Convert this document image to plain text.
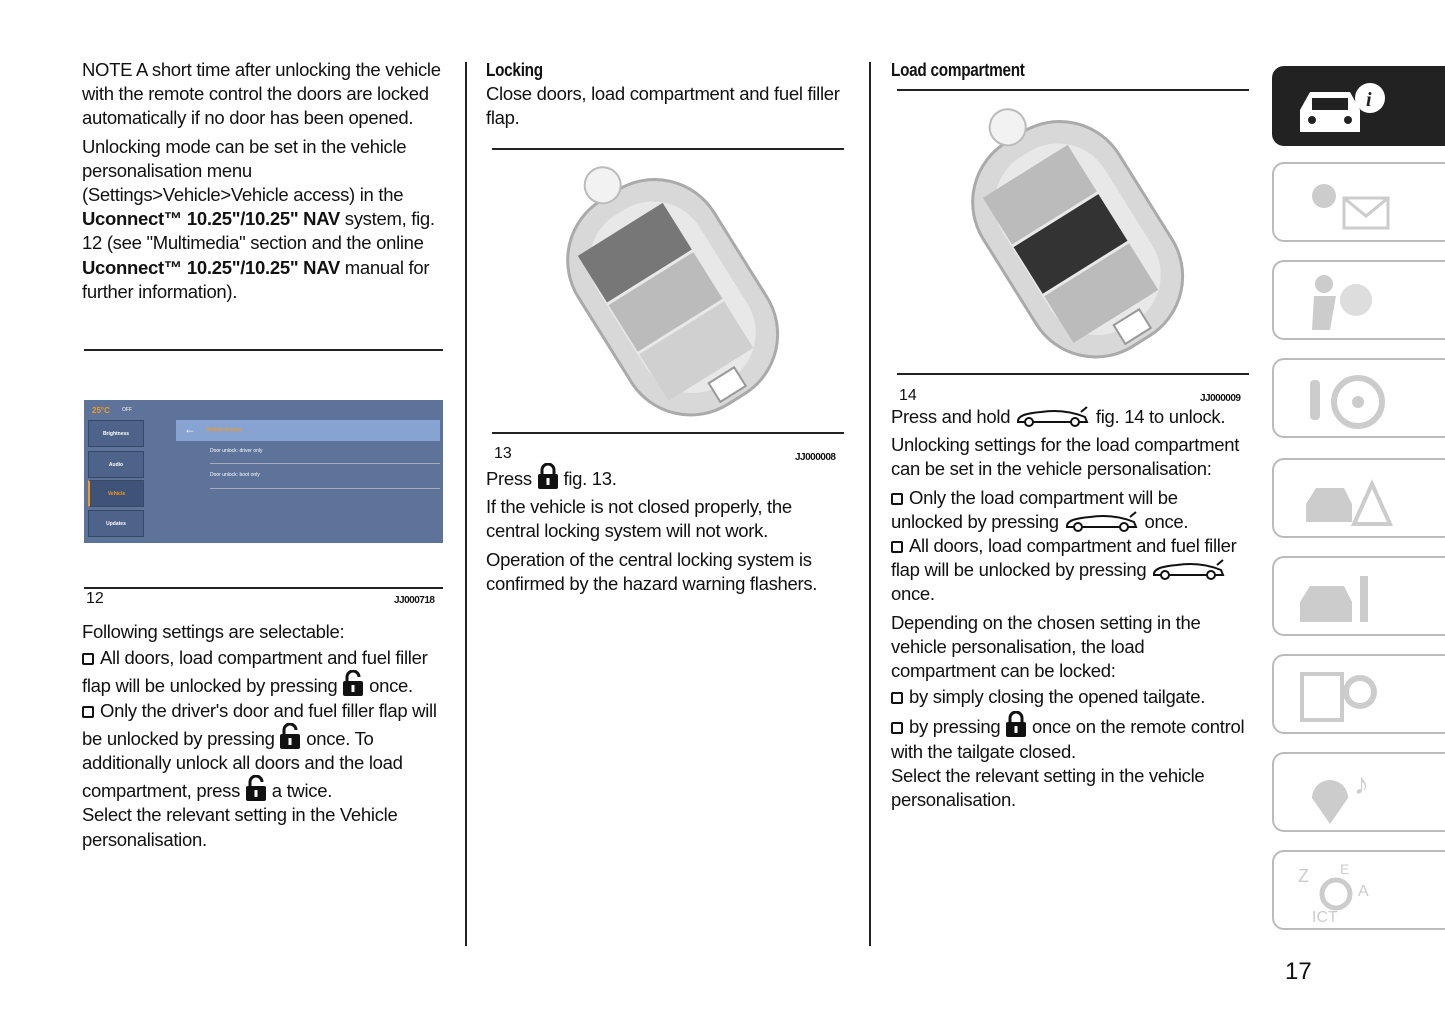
NOTE A short time after unlocking the vehicle with the remote control the doors are locked automatically if no door has been opened.

Unlocking mode can be set in the vehicle personalisation menu (Settings>Vehicle>Vehicle access) in the Uconnect™ 10.25"/10.25" NAV system, fig. 12 (see "Multimedia" section and the online Uconnect™ 10.25"/10.25" NAV manual for further information).

25°C OFF
Brightness
Audio
Vehicle
Updates
Vehicle Access
←
Door unlock: driver only
Door unlock: boot only
12	JJ000718

Following settings are selectable:

All doors, load compartment and fuel filler flap will be unlocked by pressing  once.

Only the driver's door and fuel filler flap will be unlocked by pressing  once. To additionally unlock all doors and the load compartment, press  a twice.

Select the relevant setting in the Vehicle personalisation.

Locking

Close doors, load compartment and fuel filler flap.

13	JJ000008

Press  fig. 13.

If the vehicle is not closed properly, the central locking system will not work.

Operation of the central locking system is confirmed by the hazard warning flashers.

Load compartment
14	JJ000009

Press and hold	fig. 14 to unlock.

Unlocking settings for the load compartment can be set in the vehicle personalisation:

Only the load compartment will be unlocked by pressing	once.

All doors, load compartment and fuel filler flap will be unlocked by pressing  once.

Depending on the chosen setting in the vehicle personalisation, the load compartment can be locked:

by simply closing the opened tailgate.

by pressing  once on the remote control with the tailgate closed.

Select the relevant setting in the vehicle personalisation.

i
♪
Z E
A
ICT
17
